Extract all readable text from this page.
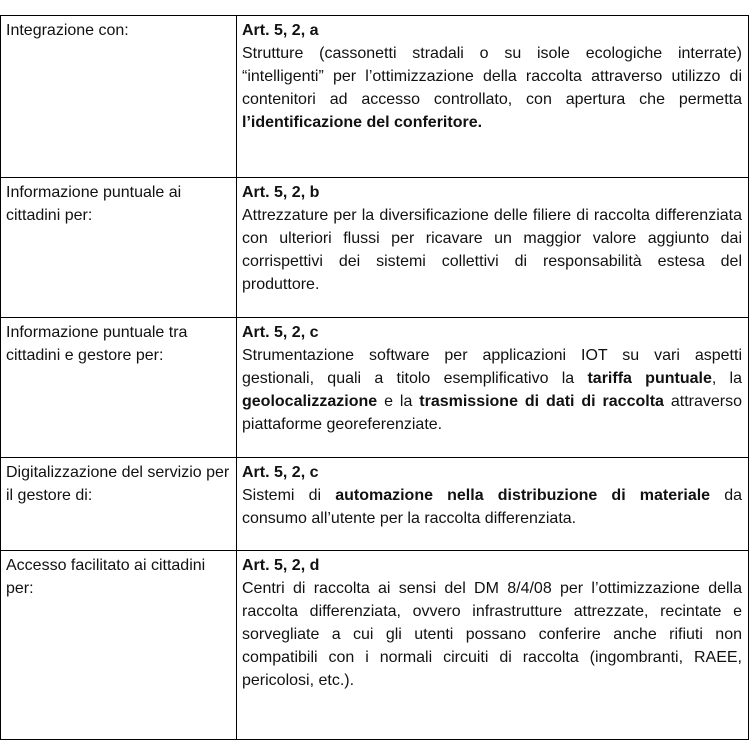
Integrazione con:	Art. 5, 2, a
Strutture (cassonetti stradali o su isole ecologiche interrate) “intelligenti” per l’ottimizzazione della raccolta attraverso utilizzo di contenitori ad accesso controllato, con apertura che permetta l’identificazione del conferitore.
Informazione puntuale ai cittadini per:	Art. 5, 2, b
Attrezzature per la diversificazione delle filiere di raccolta differenziata con ulteriori flussi per ricavare un maggior valore aggiunto dai corrispettivi dei sistemi collettivi di responsabilità estesa del produttore.
Informazione puntuale tra cittadini e gestore per:	Art. 5, 2, c
Strumentazione software per applicazioni IOT su vari aspetti gestionali, quali a titolo esemplificativo la tariffa puntuale, la geolocalizzazione e la trasmissione di dati di raccolta attraverso piattaforme georeferenziate.
Digitalizzazione del servizio per il gestore di:	Art. 5, 2, c
Sistemi di automazione nella distribuzione di materiale da consumo all’utente per la raccolta differenziata.
Accesso facilitato ai cittadini per:	Art. 5, 2, d
Centri di raccolta ai sensi del DM 8/4/08 per l’ottimizzazione della raccolta differenziata, ovvero infrastrutture attrezzate, recintate e sorvegliate a cui gli utenti possano conferire anche rifiuti non compatibili con i normali circuiti di raccolta (ingombranti, RAEE, pericolosi, etc.).
